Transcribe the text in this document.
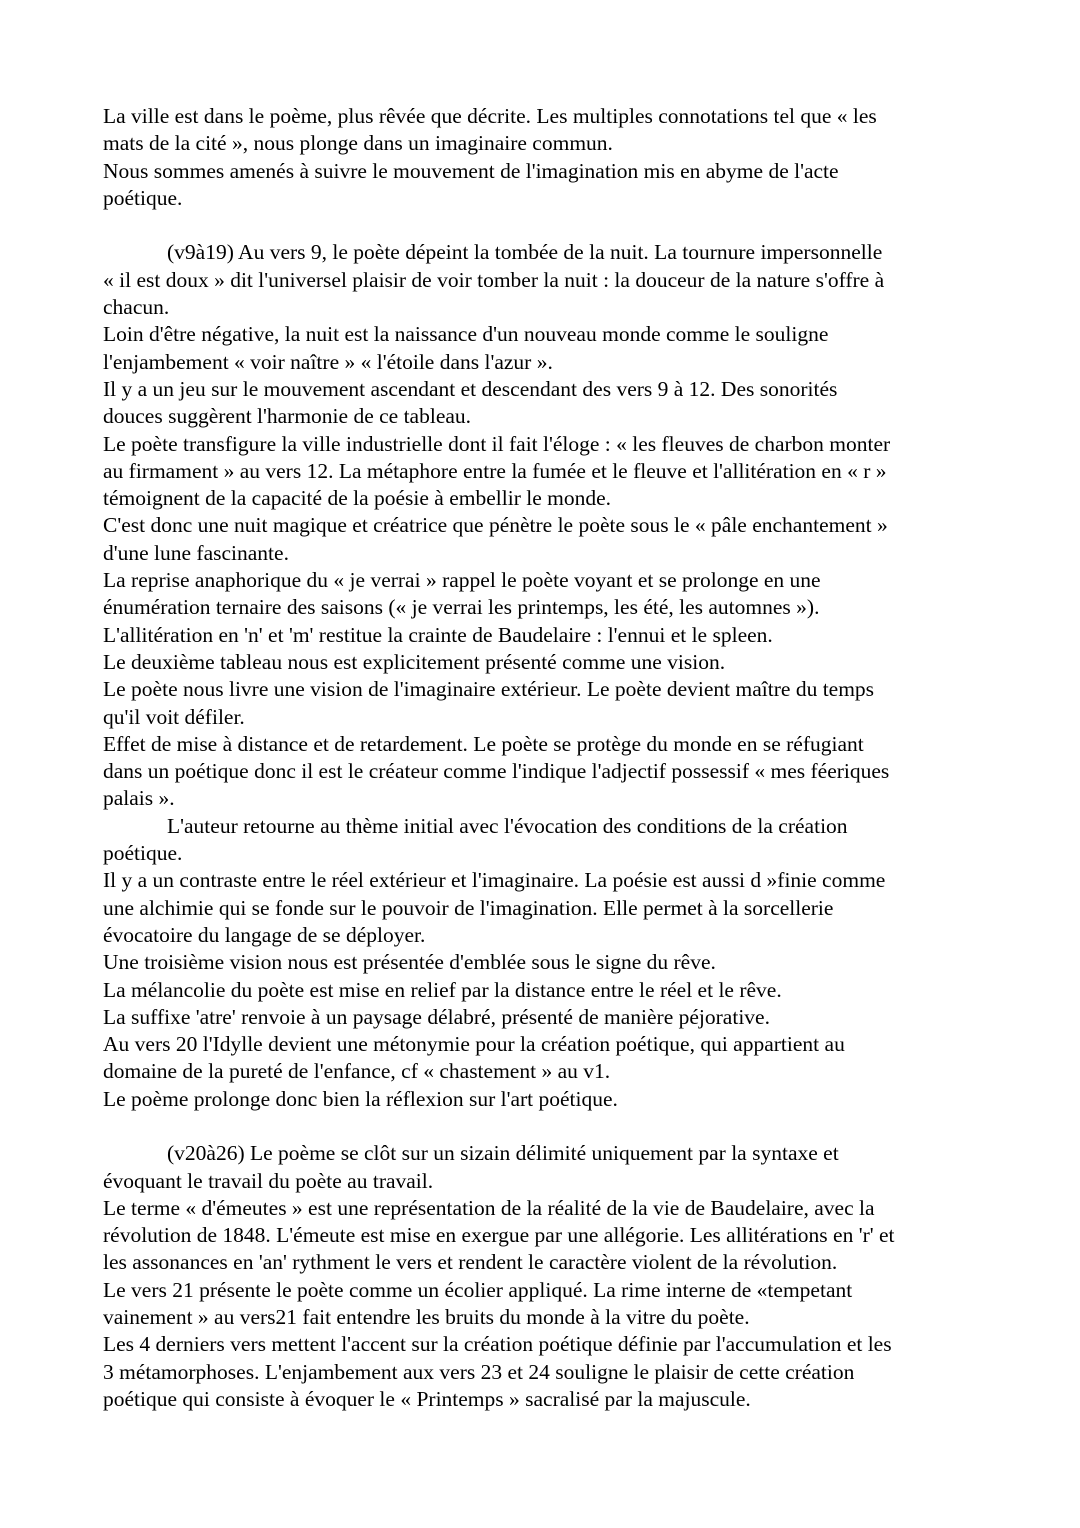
La ville est dans le poème, plus rêvée que décrite. Les multiples connotations tel que « les
mats de la cité », nous plonge dans un imaginaire commun.
Nous sommes amenés à suivre le mouvement de l'imagination mis en abyme de l'acte
poétique.
(v9à19) Au vers 9, le poète dépeint la tombée de la nuit. La tournure impersonnelle
« il est doux » dit l'universel plaisir de voir tomber la nuit : la douceur de la nature s'offre à
chacun.
Loin d'être négative, la nuit est la naissance d'un nouveau monde comme le souligne
l'enjambement « voir naître » « l'étoile dans l'azur ».
Il y a un jeu sur le mouvement ascendant et descendant des vers 9 à 12. Des sonorités
douces suggèrent l'harmonie de ce tableau.
Le poète transfigure la ville industrielle dont il fait l'éloge : « les fleuves de charbon monter
au firmament » au vers 12. La métaphore entre la fumée et le fleuve et l'allitération en « r »
témoignent de la capacité de la poésie à embellir le monde.
C'est donc une nuit magique et créatrice que pénètre le poète sous le « pâle enchantement »
d'une lune fascinante.
La reprise anaphorique du « je verrai » rappel le poète voyant et se prolonge en une
énumération ternaire des saisons (« je verrai les printemps, les été, les automnes »).
L'allitération en 'n' et 'm' restitue la crainte de Baudelaire : l'ennui et le spleen.
Le deuxième tableau nous est explicitement présenté comme une vision.
Le poète nous livre une vision de l'imaginaire extérieur. Le poète devient maître du temps
qu'il voit défiler.
Effet de mise à distance et de retardement. Le poète se protège du monde en se réfugiant
dans un poétique donc il est le créateur comme l'indique l'adjectif possessif « mes féeriques
palais ».
L'auteur retourne au thème initial avec l'évocation des conditions de la création
poétique.
Il y a un contraste entre le réel extérieur et l'imaginaire. La poésie est aussi d »finie comme
une alchimie qui se fonde sur le pouvoir de l'imagination. Elle permet à la sorcellerie
évocatoire du langage de se déployer.
Une troisième vision nous est présentée d'emblée sous le signe du rêve.
La mélancolie du poète est mise en relief par la distance entre le réel et le rêve.
La suffixe 'atre' renvoie à un paysage délabré, présenté de manière péjorative.
Au vers 20 l'Idylle devient une métonymie pour la création poétique, qui appartient au
domaine de la pureté de l'enfance, cf « chastement » au v1.
Le poème prolonge donc bien la réflexion sur l'art poétique.
(v20à26) Le poème se clôt sur un sizain délimité uniquement par la syntaxe et
évoquant le travail du poète au travail.
Le terme « d'émeutes » est une représentation de la réalité de la vie de Baudelaire, avec la
révolution de 1848. L'émeute est mise en exergue par une allégorie. Les allitérations en 'r' et
les assonances en 'an' rythment le vers et rendent le caractère violent de la révolution.
Le vers 21 présente le poète comme un écolier appliqué. La rime interne de «tempetant
vainement » au vers21 fait entendre les bruits du monde à la vitre du poète.
Les 4 derniers vers mettent l'accent sur la création poétique définie par l'accumulation et les
3 métamorphoses. L'enjambement aux vers 23 et 24 souligne le plaisir de cette création
poétique qui consiste à évoquer le « Printemps » sacralisé par la majuscule.
